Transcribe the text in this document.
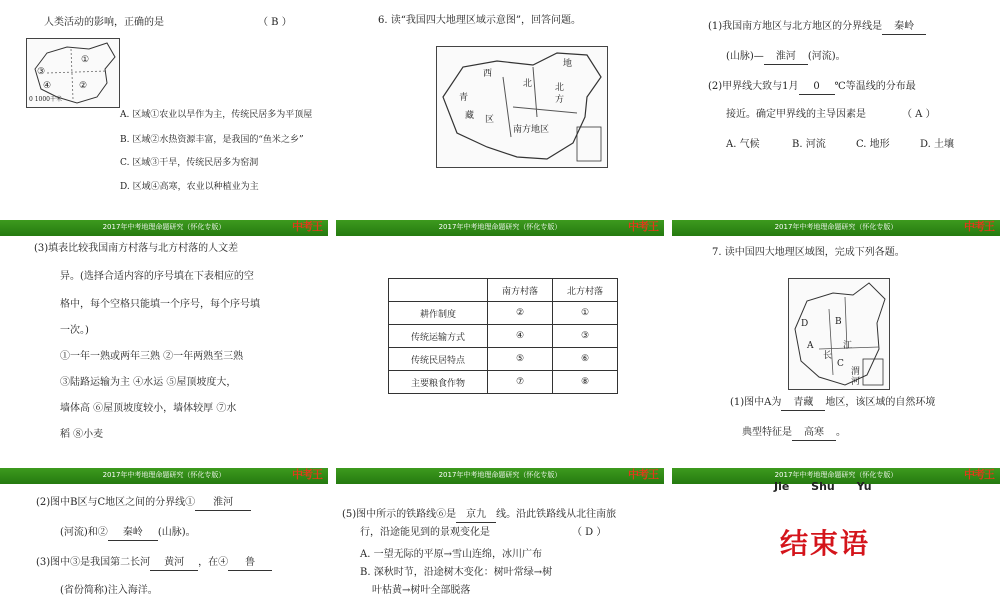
人类活动的影响，正确的是	（ B ）
③
①
④	②
0 1000千米
A. 区域①农业以旱作为主，传统民居多为平顶屋
B. 区域②水热资源丰富，是我国的“鱼米之乡”
C. 区域③干旱，传统民居多为窑洞
D. 区域④高寒，农业以种植业为主
6. 读“我国四大地理区域示意图”，回答问题。
西
北
青
藏 区
南方地区
北
方
地
(1)我国南方地区与北方地区的分界线是 秦岭
(山脉)— 淮河 (河流)。
(2)甲界线大致与1月 0 ℃等温线的分布最
接近。确定甲界线的主导因素是	（ A ）
A. 气候	B. 河流	C. 地形	D. 土壤
2017年中考地理命题研究（怀化专版）	中考王
(3)填表比较我国南方村落与北方村落的人文差
异。(选择合适内容的序号填在下表相应的空
格中，每个空格只能填一个序号，每个序号填
一次。)
①一年一熟或两年三熟 ②一年两熟至三熟
③陆路运输为主 ④水运 ⑤屋顶坡度大，
墙体高 ⑥屋顶坡度较小，墙体较厚 ⑦水
稻 ⑧小麦
2017年中考地理命题研究（怀化专版）	中考王
	南方村落	北方村落
耕作制度	②	①
传统运输方式	④	③
传统民居特点	⑤	⑥
主要粮食作物	⑦	⑧
2017年中考地理命题研究（怀化专版）	中考王
7. 读中国四大地理区域图，完成下列各题。
D
A
B
C
长
江
渭
河
(1)图中A为 青藏 地区，该区域的自然环境
典型特征是 高寒 。
2017年中考地理命题研究（怀化专版）	中考王
(2)图中B区与C地区之间的分界线① 淮河
(河流)和② 秦岭 (山脉)。
(3)图中③是我国第二长河 黄河 ，在④ 鲁
(省份简称)注入海洋。
2017年中考地理命题研究（怀化专版）	中考王
(5)图中所示的铁路线⑥是 京九 线。沿此铁路线从北往南旅
行，沿途能见到的景观变化是	（ D ）
A. 一望无际的平原→雪山连绵，冰川广布
B. 深秋时节，沿途树木变化：树叶常绿→树
叶枯黄→树叶全部脱落
2017年中考地理命题研究（怀化专版）	中考王
Jie Shu Yu
结束语
